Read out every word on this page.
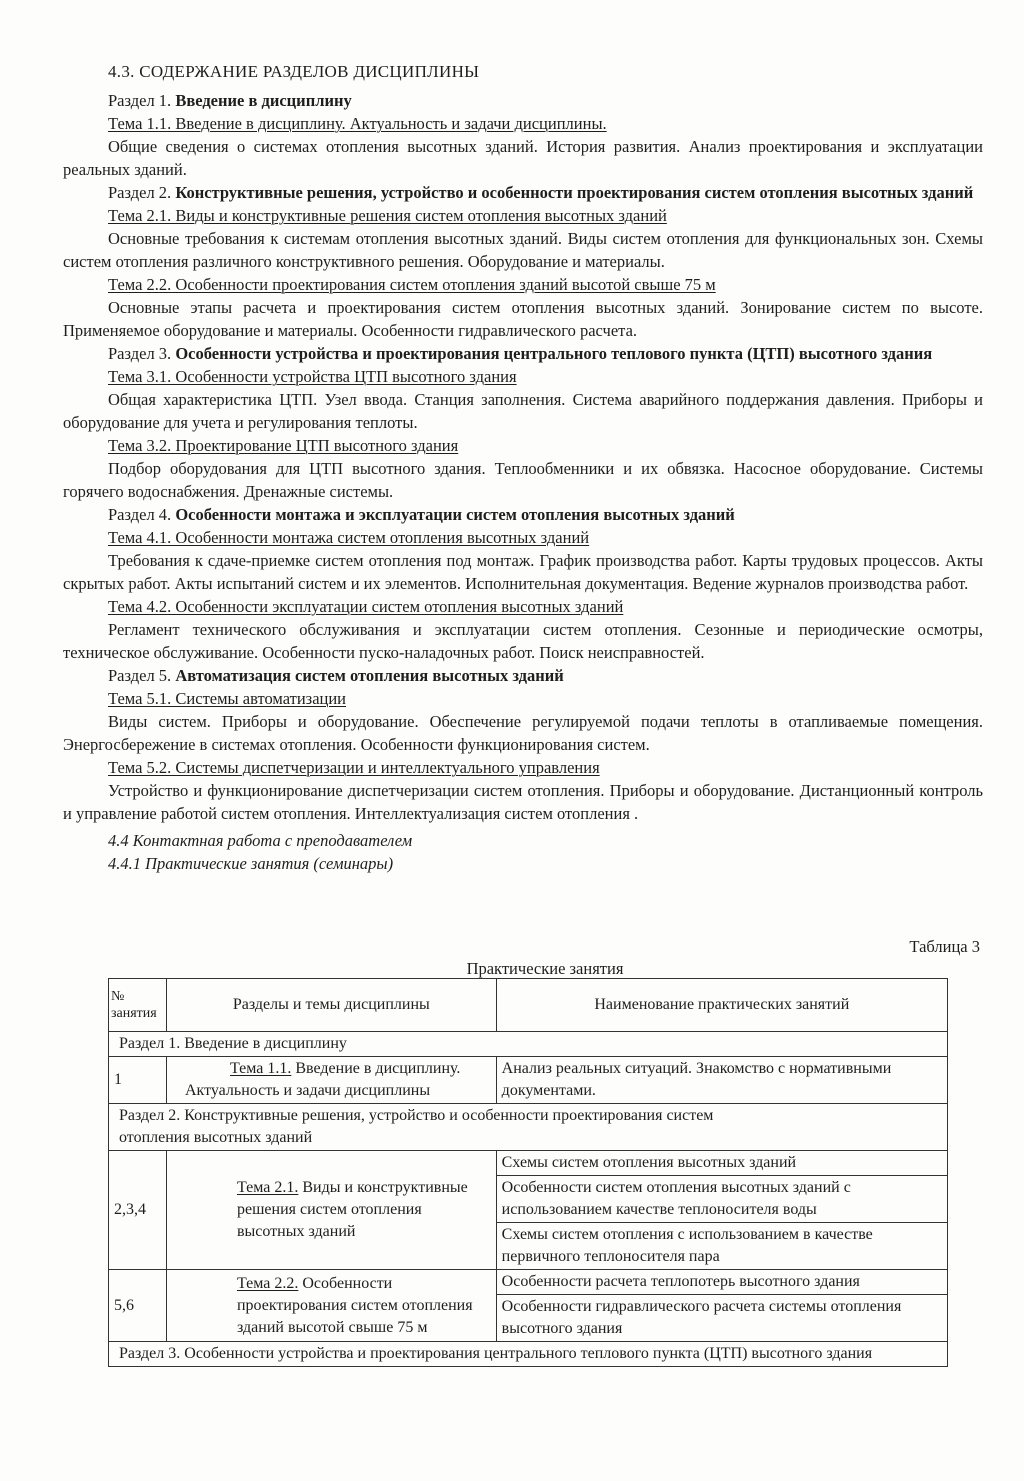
4.3. СОДЕРЖАНИЕ РАЗДЕЛОВ ДИСЦИПЛИНЫ

Раздел 1. Введение в дисциплину

Тема 1.1. Введение в дисциплину. Актуальность и задачи дисциплины.

Общие сведения о системах отопления высотных зданий. История развития. Анализ проектирования и эксплуатации реальных зданий.

Раздел 2. Конструктивные решения, устройство и особенности проектирования систем отопления высотных зданий

Тема 2.1. Виды и конструктивные решения систем отопления высотных зданий

Основные требования к системам отопления высотных зданий. Виды систем отопления для функциональных зон. Схемы систем отопления различного конструктивного решения. Оборудование и материалы.

Тема 2.2. Особенности проектирования систем отопления зданий высотой свыше 75 м

Основные этапы расчета и проектирования систем отопления высотных зданий. Зонирование систем по высоте. Применяемое оборудование и материалы. Особенности гидравлического расчета.

Раздел 3. Особенности устройства и проектирования центрального теплового пункта (ЦТП) высотного здания

Тема 3.1. Особенности устройства ЦТП высотного здания

Общая характеристика ЦТП. Узел ввода. Станция заполнения. Система аварийного поддержания давления. Приборы и оборудование для учета и регулирования теплоты.

Тема 3.2. Проектирование ЦТП высотного здания

Подбор оборудования для ЦТП высотного здания. Теплообменники и их обвязка. Насосное оборудование. Системы горячего водоснабжения. Дренажные системы.

Раздел 4. Особенности монтажа и эксплуатации систем отопления высотных зданий

Тема 4.1. Особенности монтажа систем отопления высотных зданий

Требования к сдаче-приемке систем отопления под монтаж. График производства работ. Карты трудовых процессов. Акты скрытых работ. Акты испытаний систем и их элементов. Исполнительная документация. Ведение журналов производства работ.

Тема 4.2. Особенности эксплуатации систем отопления высотных зданий

Регламент технического обслуживания и эксплуатации систем отопления. Сезонные и периодические осмотры, техническое обслуживание. Особенности пуско-наладочных работ. Поиск неисправностей.

Раздел 5. Автоматизация систем отопления высотных зданий

Тема 5.1. Системы автоматизации

Виды систем. Приборы и оборудование. Обеспечение регулируемой подачи теплоты в отапливаемые помещения. Энергосбережение в системах отопления. Особенности функционирования систем.

Тема 5.2. Системы диспетчеризации и интеллектуального управления

Устройство и функционирование диспетчеризации систем отопления. Приборы и оборудование. Дистанционный контроль и управление работой систем отопления. Интеллектуализация систем отопления .

4.4 Контактная работа с преподавателем

4.4.1 Практические занятия (семинары)

Таблица 3
Практические занятия
№ занятия	Разделы и темы дисциплины	Наименование практических занятий
Раздел 1. Введение в дисциплину		
1	Тема 1.1. Введение в дисциплину. Актуальность и задачи дисциплины	Анализ реальных ситуаций. Знакомство с нормативными документами.
Раздел 2. Конструктивные решения, устройство и особенности проектирования систем отопления высотных зданий		
2,3,4	Тема 2.1. Виды и конструктивные решения систем отопления высотных зданий	Схемы систем отопления высотных зданий
		Особенности систем отопления высотных зданий с использованием качестве теплоносителя воды
		Схемы систем отопления с использованием в качестве первичного теплоносителя пара
5,6	Тема 2.2. Особенности проектирования систем отопления зданий высотой свыше 75 м	Особенности расчета теплопотерь высотного здания
		Особенности гидравлического расчета системы отопления высотного здания
Раздел 3. Особенности устройства и проектирования центрального теплового пункта (ЦТП) высотного здания		
